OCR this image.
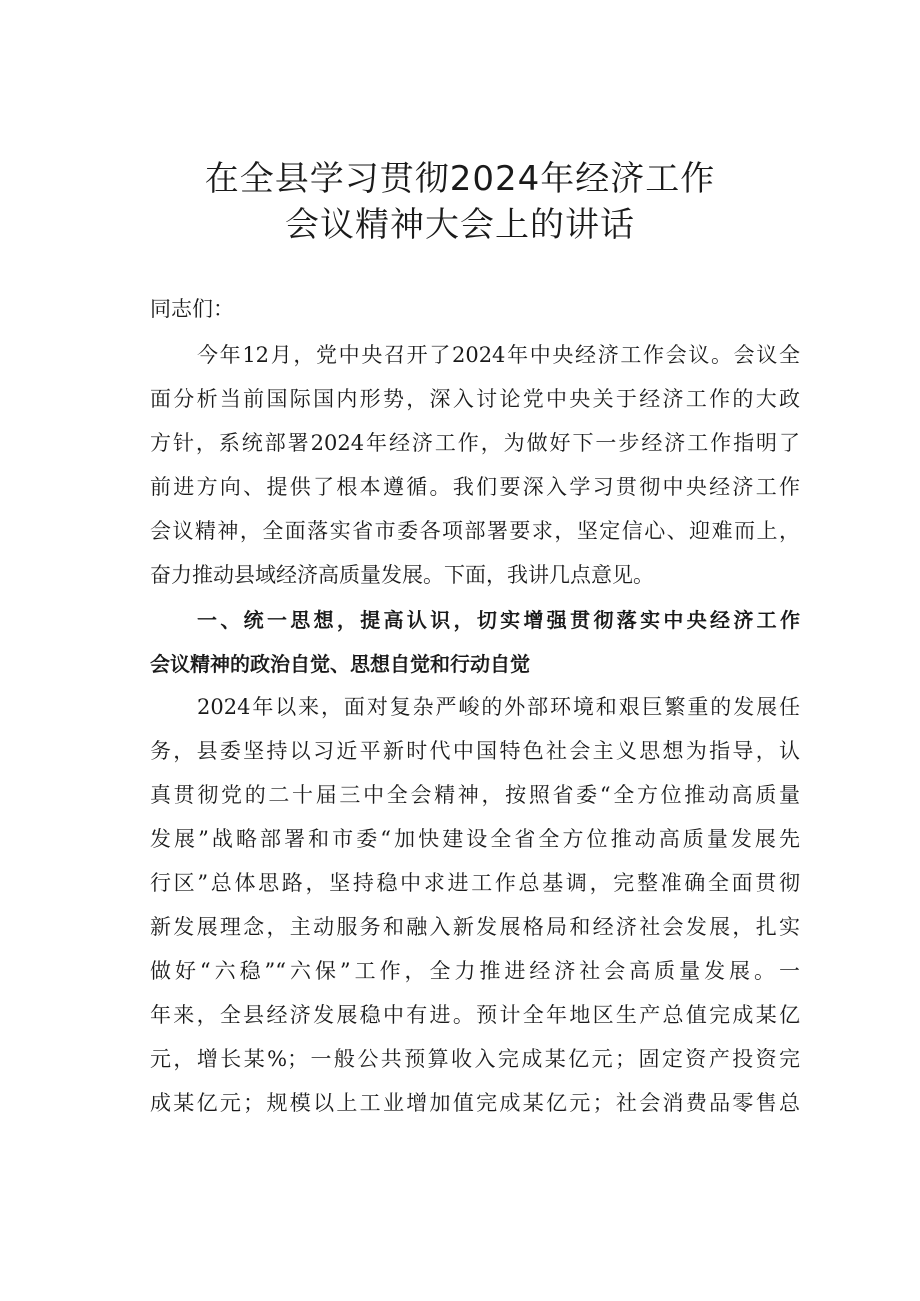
在全县学习贯彻2024年经济工作
会议精神大会上的讲话
同志们：
今年12月，党中央召开了2024年中央经济工作会议。会议全
面分析当前国际国内形势，深入讨论党中央关于经济工作的大政
方针，系统部署2024年经济工作，为做好下一步经济工作指明了
前进方向、提供了根本遵循。我们要深入学习贯彻中央经济工作
会议精神，全面落实省市委各项部署要求，坚定信心、迎难而上，
奋力推动县域经济高质量发展。下面，我讲几点意见。
一、统一思想，提高认识，切实增强贯彻落实中央经济工作
会议精神的政治自觉、思想自觉和行动自觉
2024年以来，面对复杂严峻的外部环境和艰巨繁重的发展任
务，县委坚持以习近平新时代中国特色社会主义思想为指导，认
真贯彻党的二十届三中全会精神，按照省委“全方位推动高质量
发展”战略部署和市委“加快建设全省全方位推动高质量发展先
行区”总体思路，坚持稳中求进工作总基调，完整准确全面贯彻
新发展理念，主动服务和融入新发展格局和经济社会发展，扎实
做好“六稳”“六保”工作，全力推进经济社会高质量发展。一
年来，全县经济发展稳中有进。预计全年地区生产总值完成某亿
元，增长某%；一般公共预算收入完成某亿元；固定资产投资完
成某亿元；规模以上工业增加值完成某亿元；社会消费品零售总
